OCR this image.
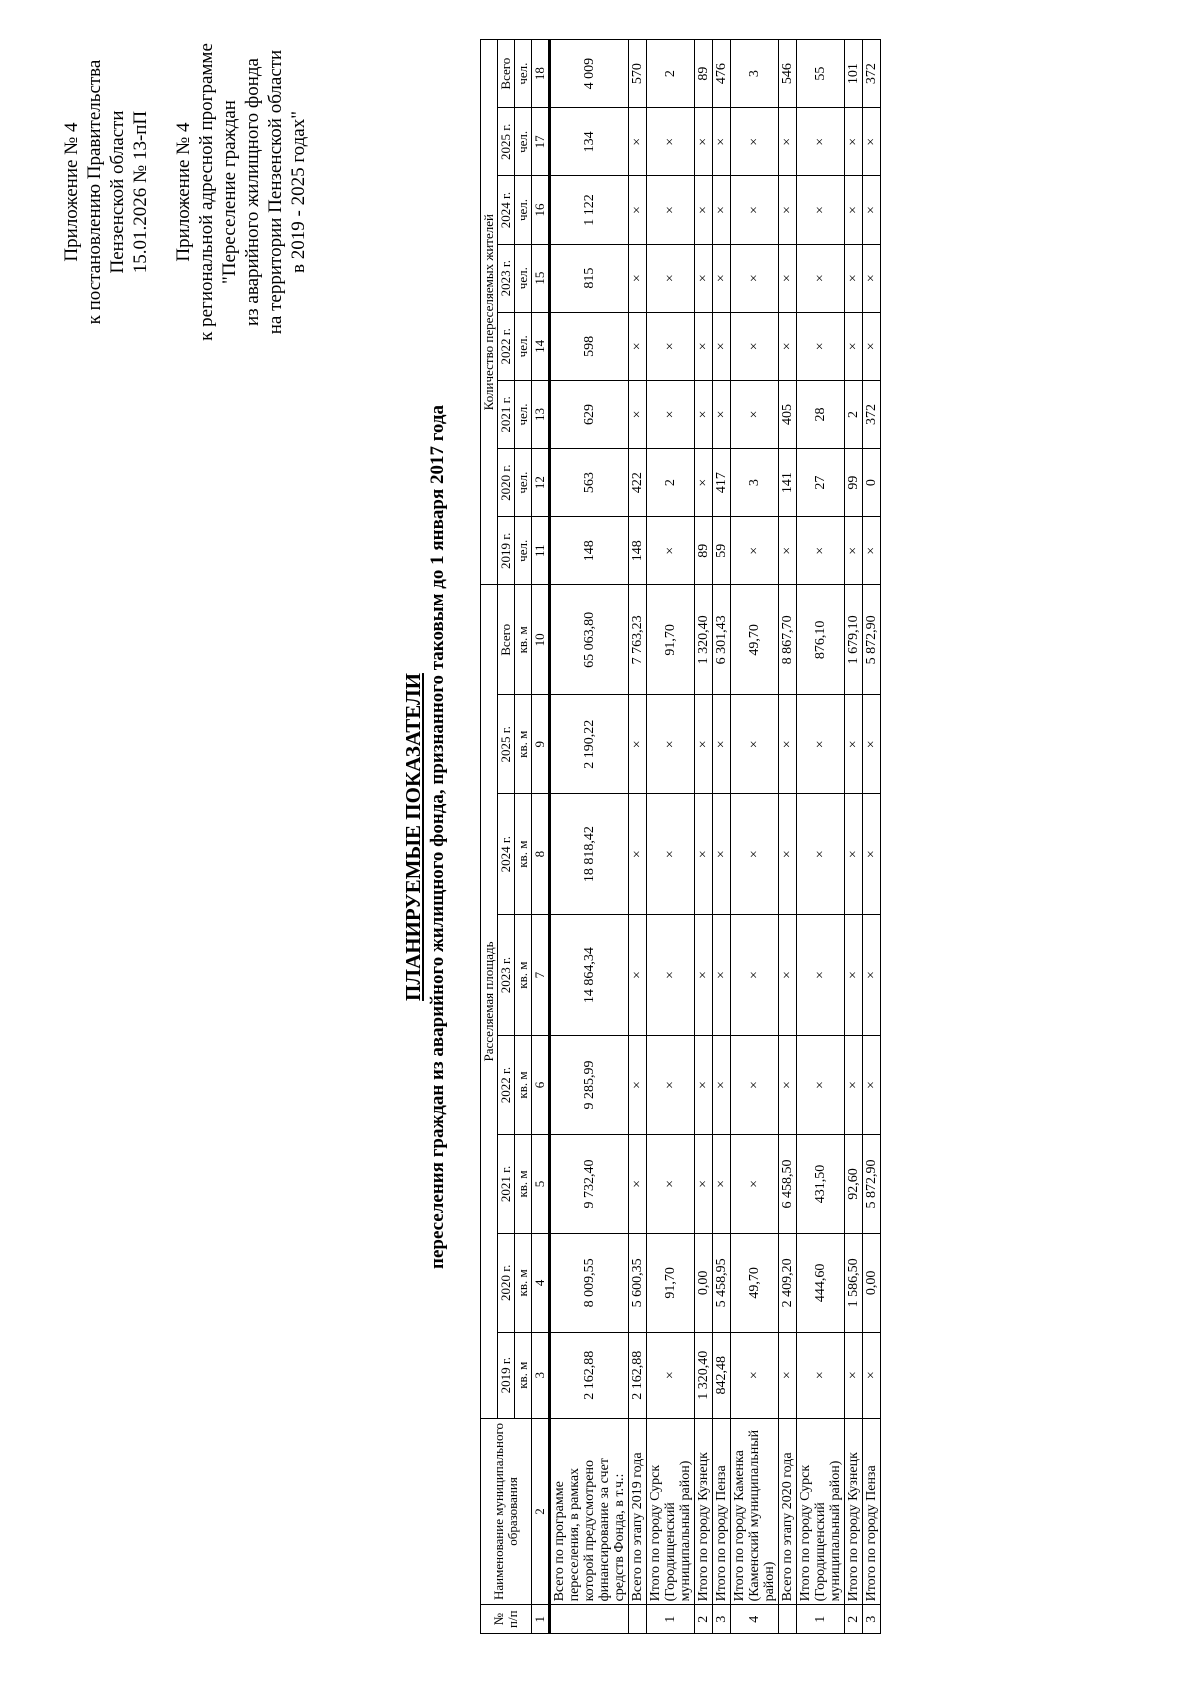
Приложение № 4 к постановлению Правительства Пензенской области 15.01.2026 № 13-пП Приложение № 4 к региональной адресной программе "Переселение граждан из аварийного жилищного фонда на территории Пензенской области в 2019 - 2025 годах"
ПЛАНИРУЕМЫЕ ПОКАЗАТЕЛИ переселения граждан из аварийного жилищного фонда, признанного таковым до 1 января 2017 года
№ п/п	Наименование муниципального образования	Расселяемая площадь								Количество переселяемых жителей							
		2019 г.	2020 г.	2021 г.	2022 г.	2023 г.	2024 г.	2025 г.	Всего	2019 г.	2020 г.	2021 г.	2022 г.	2023 г.	2024 г.	2025 г.	Всего
		кв. м	кв. м	кв. м	кв. м	кв. м	кв. м	кв. м	кв. м	чел.	чел.	чел.	чел.	чел.	чел.	чел.	чел.
1	2	3	4	5	6	7	8	9	10	11	12	13	14	15	16	17	18
	Всего по программе переселения, в рамках которой предусмотрено финансирование за счет средств Фонда, в т.ч.:	2 162,88	8 009,55	9 732,40	9 285,99	14 864,34	18 818,42	2 190,22	65 063,80	148	563	629	598	815	1 122	134	4 009
	Всего по этапу 2019 года	2 162,88	5 600,35	×	×	×	×	×	7 763,23	148	422	×	×	×	×	×	570
1	Итого по городу Сурск (Городищенский муниципальный район)	×	91,70	×	×	×	×	×	91,70	×	2	×	×	×	×	×	2
2	Итого по городу Кузнецк	1 320,40	0,00	×	×	×	×	×	1 320,40	89	×	×	×	×	×	×	89
3	Итого по городу Пенза	842,48	5 458,95	×	×	×	×	×	6 301,43	59	417	×	×	×	×	×	476
4	Итого по городу Каменка (Каменский муниципальный район)	×	49,70	×	×	×	×	×	49,70	×	3	×	×	×	×	×	3
	Всего по этапу 2020 года	×	2 409,20	6 458,50	×	×	×	×	8 867,70	×	141	405	×	×	×	×	546
1	Итого по городу Сурск (Городищенский муниципальный район)	×	444,60	431,50	×	×	×	×	876,10	×	27	28	×	×	×	×	55
2	Итого по городу Кузнецк	×	1 586,50	92,60	×	×	×	×	1 679,10	×	99	2	×	×	×	×	101
3	Итого по городу Пенза	×	0,00	5 872,90	×	×	×	×	5 872,90	×	0	372	×	×	×	×	372
